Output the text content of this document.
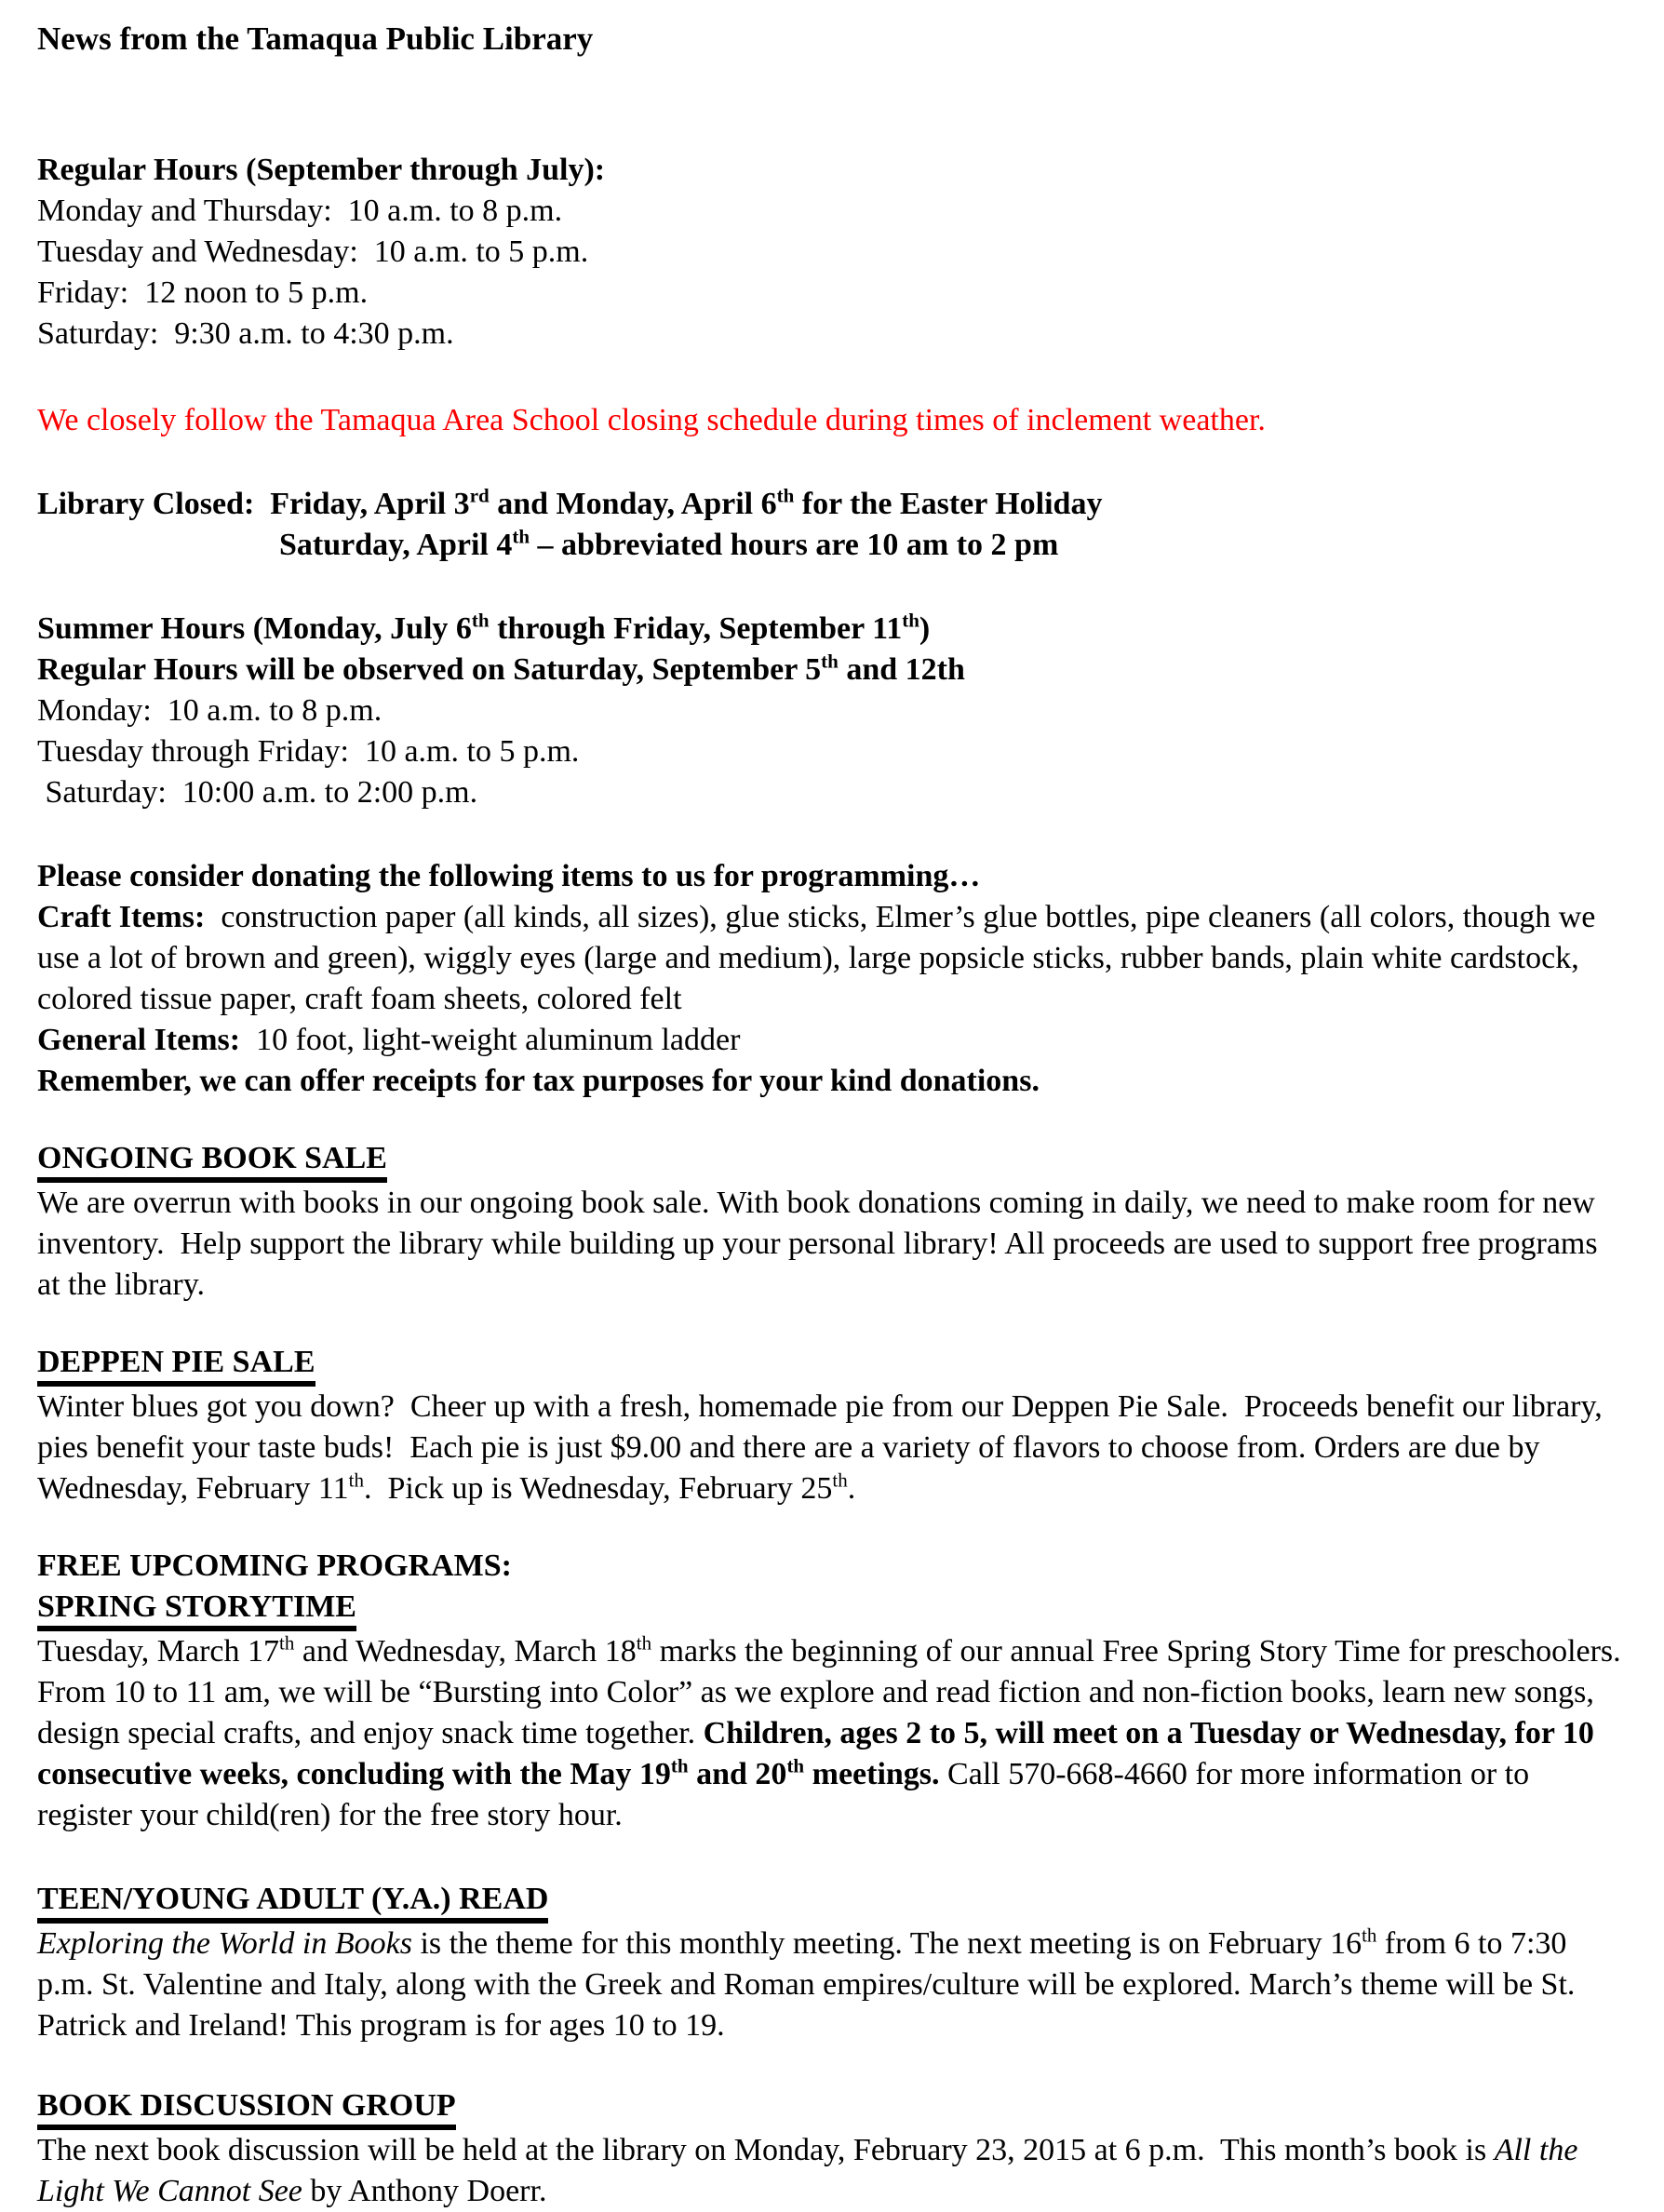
News from the Tamaqua Public Library

Regular Hours (September through July):

Monday and Thursday:  10 a.m. to 8 p.m.

Tuesday and Wednesday:  10 a.m. to 5 p.m.

Friday:  12 noon to 5 p.m.

Saturday:  9:30 a.m. to 4:30 p.m.

We closely follow the Tamaqua Area School closing schedule during times of inclement weather.

Library Closed:  Friday, April 3rd and Monday, April 6th for the Easter Holiday

Saturday, April 4th – abbreviated hours are 10 am to 2 pm

Summer Hours (Monday, July 6th through Friday, September 11th)

Regular Hours will be observed on Saturday, September 5th and 12th

Monday:  10 a.m. to 8 p.m.

Tuesday through Friday:  10 a.m. to 5 p.m.

Saturday:  10:00 a.m. to 2:00 p.m.

Please consider donating the following items to us for programming…

Craft Items:  construction paper (all kinds, all sizes), glue sticks, Elmer’s glue bottles, pipe cleaners (all colors, though we use a lot of brown and green), wiggly eyes (large and medium), large popsicle sticks, rubber bands, plain white cardstock, colored tissue paper, craft foam sheets, colored felt

General Items:  10 foot, light-weight aluminum ladder

Remember, we can offer receipts for tax purposes for your kind donations.

ONGOING BOOK SALE

We are overrun with books in our ongoing book sale. With book donations coming in daily, we need to make room for new inventory.  Help support the library while building up your personal library! All proceeds are used to support free programs at the library.

DEPPEN PIE SALE

Winter blues got you down?  Cheer up with a fresh, homemade pie from our Deppen Pie Sale.  Proceeds benefit our library, pies benefit your taste buds!  Each pie is just $9.00 and there are a variety of flavors to choose from. Orders are due by Wednesday, February 11th.  Pick up is Wednesday, February 25th.

FREE UPCOMING PROGRAMS:

SPRING STORYTIME

Tuesday, March 17th and Wednesday, March 18th marks the beginning of our annual Free Spring Story Time for preschoolers. From 10 to 11 am, we will be “Bursting into Color” as we explore and read fiction and non-fiction books, learn new songs, design special crafts, and enjoy snack time together. Children, ages 2 to 5, will meet on a Tuesday or Wednesday, for 10 consecutive weeks, concluding with the May 19th and 20th meetings. Call 570-668-4660 for more information or to register your child(ren) for the free story hour.

TEEN/YOUNG ADULT (Y.A.) READ

Exploring the World in Books is the theme for this monthly meeting. The next meeting is on February 16th from 6 to 7:30 p.m. St. Valentine and Italy, along with the Greek and Roman empires/culture will be explored. March’s theme will be St. Patrick and Ireland! This program is for ages 10 to 19.

BOOK DISCUSSION GROUP

The next book discussion will be held at the library on Monday, February 23, 2015 at 6 p.m.  This month’s book is All the Light We Cannot See by Anthony Doerr.
